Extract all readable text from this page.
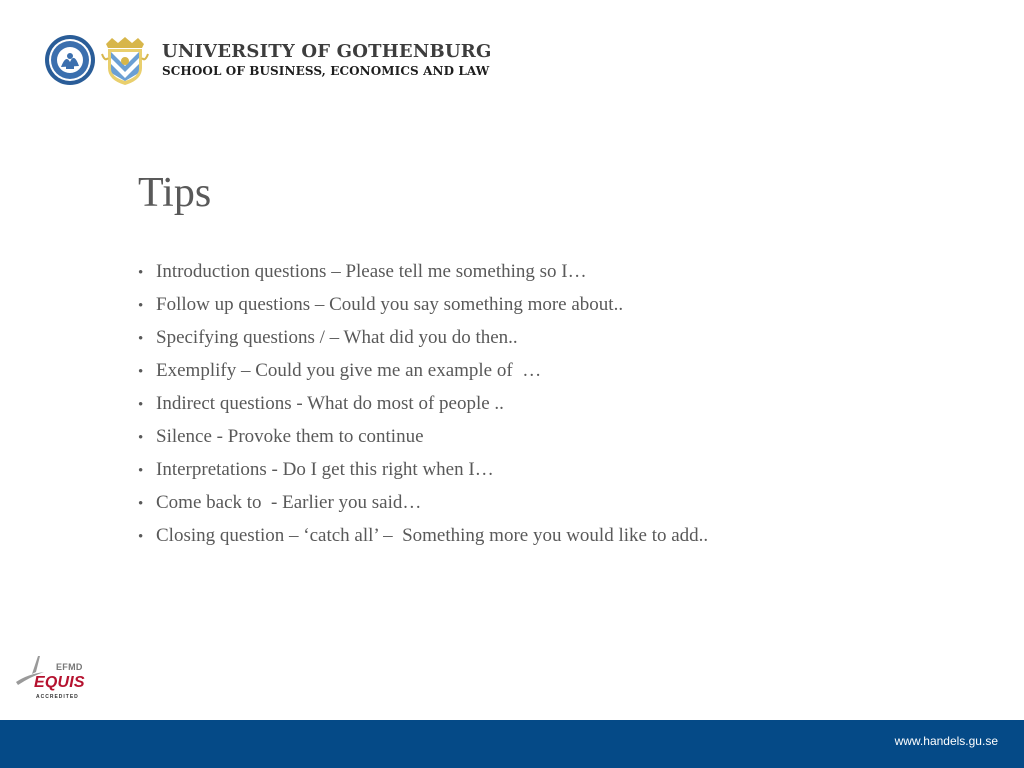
UNIVERSITY OF GOTHENBURG
SCHOOL OF BUSINESS, ECONOMICS AND LAW
Tips
• Introduction questions – Please tell me something so I…
• Follow up questions – Could you say something more about..
• Specifying questions / – What did you do then..
• Exemplify – Could you give me an example of  …
• Indirect questions - What do most of people ..
• Silence - Provoke them to continue
• Interpretations - Do I get this right when I…
• Come back to  - Earlier you said…
• Closing question – ‘catch all’ –  Something more you would like to add..
EFMD
EQUIS
ACCREDITED
www.handels.gu.se
